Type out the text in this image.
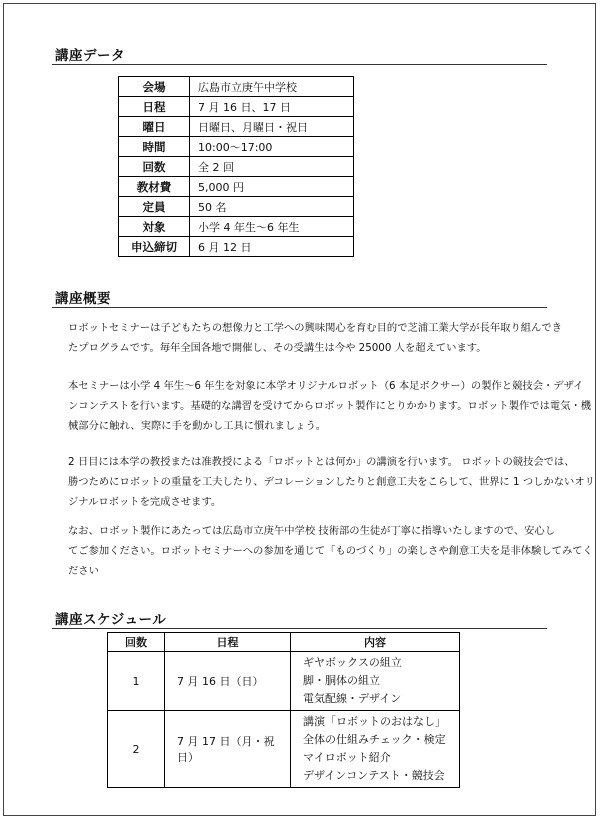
講座データ
会場	広島市立庚午中学校
日程	7 月 16 日、17 日
曜日	日曜日、月曜日・祝日
時間	10:00～17:00
回数	全 2 回
教材費	5,000 円
定員	50 名
対象	小学 4 年生～6 年生
申込締切	6 月 12 日
講座概要
ロボットセミナーは子どもたちの想像力と工学への興味関心を育む目的で芝浦工業大学が長年取り組んでき
たプログラムです。毎年全国各地で開催し、その受講生は今や 25000 人を超えています。
本セミナーは小学 4 年生～6 年生を対象に本学オリジナルロボット（6 本足ボクサー）の製作と競技会・デザイ
ンコンテストを行います。基礎的な講習を受けてからロボット製作にとりかかります。ロボット製作では電気・機
械部分に触れ、実際に手を動かし工具に慣れましょう。
2 日目には本学の教授または准教授による「ロボットとは何か」の講演を行います。 ロボットの競技会では、
勝つためにロボットの重量を工夫したり、デコレーションしたりと創意工夫をこらして、世界に 1 つしかないオリ
ジナルロボットを完成させます。
なお、ロボット製作にあたっては広島市立庚午中学校 技術部の生徒が丁寧に指導いたしますので、安心し
てご参加ください。ロボットセミナーへの参加を通じて「ものづくり」の楽しさや創意工夫を是非体験してみてく
ださい
講座スケジュール
回数	日程	内容
1	7 月 16 日（日）	ギヤボックスの組立
脚・胴体の組立
電気配線・デザイン

2	7 月 17 日（月・祝日）	講演「ロボットのおはなし」
全体の仕組みチェック・検定
マイロボット紹介
デザインコンテスト・競技会
